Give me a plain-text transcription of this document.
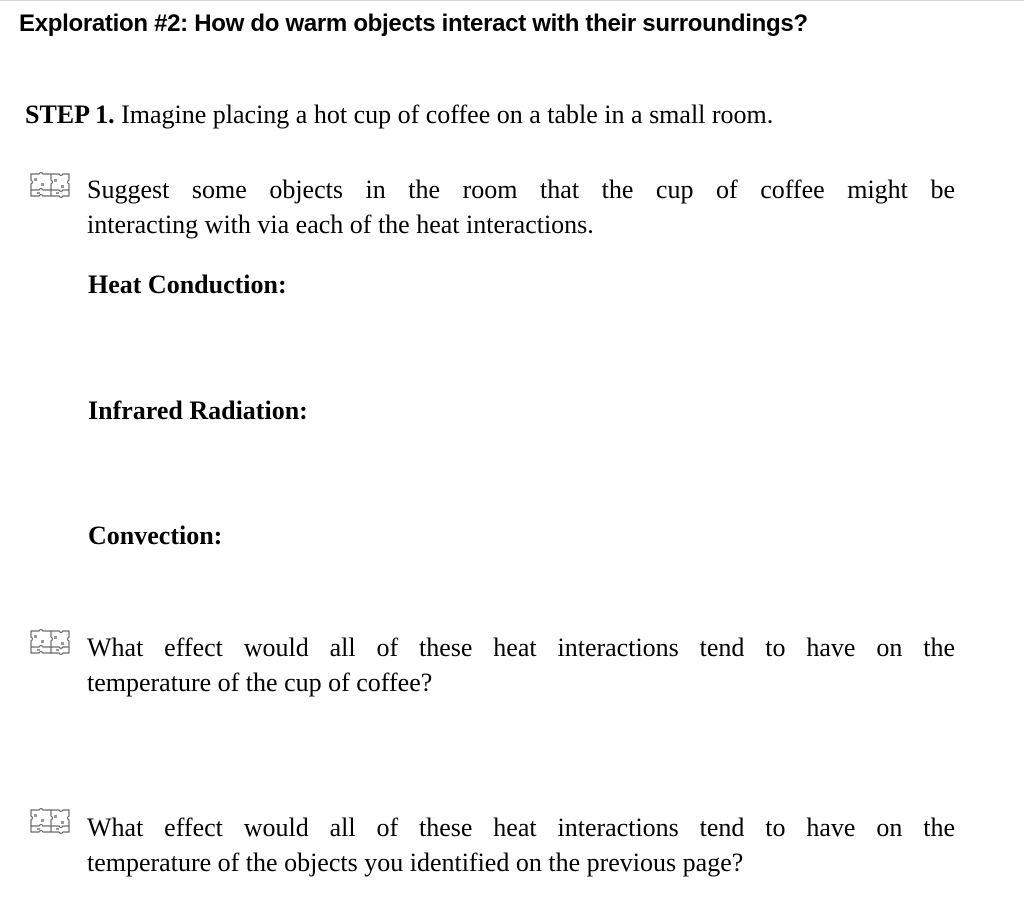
Exploration #2: How do warm objects interact with their surroundings?
STEP 1. Imagine placing a hot cup of coffee on a table in a small room.
Suggest some objects in the room that the cup of coffee might be
interacting with via each of the heat interactions.
Heat Conduction:
Infrared Radiation:
Convection:
What effect would all of these heat interactions tend to have on the
temperature of the cup of coffee?
What effect would all of these heat interactions tend to have on the
temperature of the objects you identified on the previous page?
